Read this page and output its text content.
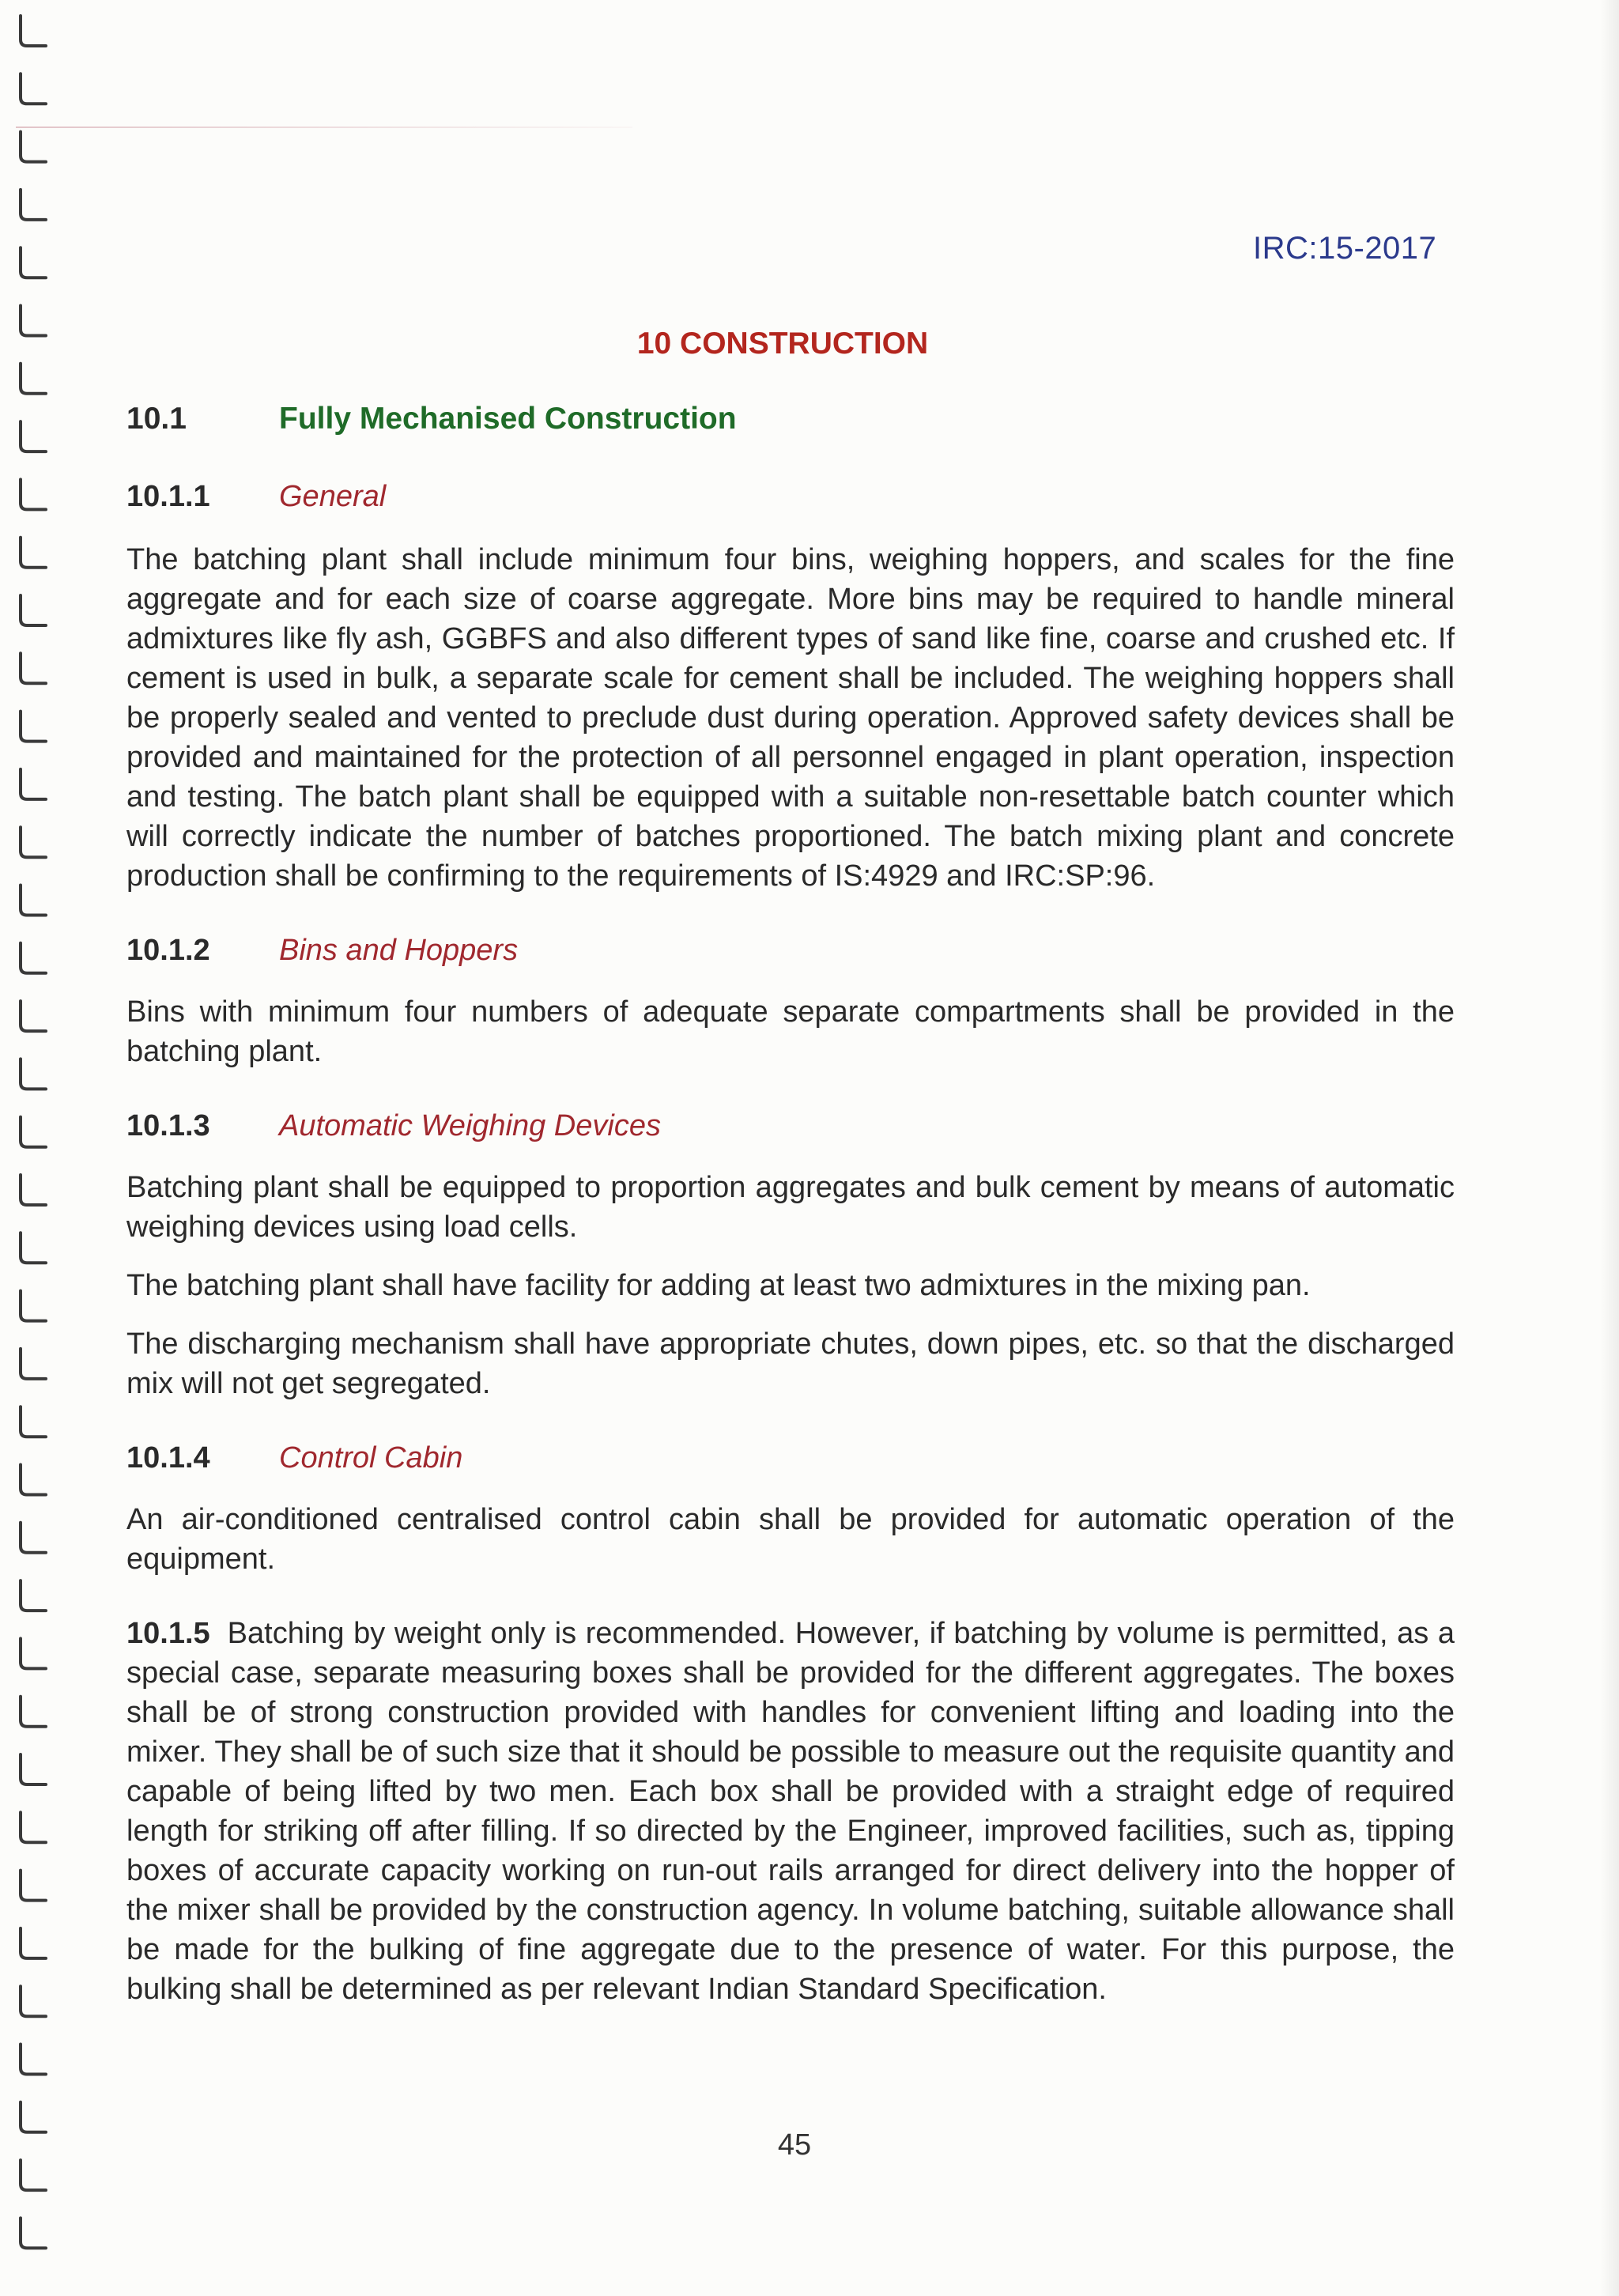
IRC:15-2017
10 CONSTRUCTION
10.1	Fully Mechanised Construction
10.1.1	General

The batching plant shall include minimum four bins, weighing hoppers, and scales for the fine aggregate and for each size of coarse aggregate. More bins may be required to handle mineral admixtures like fly ash, GGBFS and also different types of sand like fine, coarse and crushed etc. If cement is used in bulk, a separate scale for cement shall be included. The weighing hoppers shall be properly sealed and vented to preclude dust during operation. Approved safety devices shall be provided and maintained for the protection of all personnel engaged in plant operation, inspection and testing. The batch plant shall be equipped with a suitable non-resettable batch counter which will correctly indicate the number of batches proportioned. The batch mixing plant and concrete production shall be confirming to the requirements of IS:4929 and IRC:SP:96.

10.1.2	Bins and Hoppers

Bins with minimum four numbers of adequate separate compartments shall be provided in the batching plant.

10.1.3	Automatic Weighing Devices

Batching plant shall be equipped to proportion aggregates and bulk cement by means of automatic weighing devices using load cells.

The batching plant shall have facility for adding at least two admixtures in the mixing pan.

The discharging mechanism shall have appropriate chutes, down pipes, etc. so that the discharged mix will not get segregated.

10.1.4	Control Cabin

An air-conditioned centralised control cabin shall be provided for automatic operation of the equipment.

10.1.5 Batching by weight only is recommended. However, if batching by volume is permitted, as a special case, separate measuring boxes shall be provided for the different aggregates. The boxes shall be of strong construction provided with handles for convenient lifting and loading into the mixer. They shall be of such size that it should be possible to measure out the requisite quantity and capable of being lifted by two men. Each box shall be provided with a straight edge of required length for striking off after filling. If so directed by the Engineer, improved facilities, such as, tipping boxes of accurate capacity working on run-out rails arranged for direct delivery into the hopper of the mixer shall be provided by the construction agency. In volume batching, suitable allowance shall be made for the bulking of fine aggregate due to the presence of water. For this purpose, the bulking shall be determined as per relevant Indian Standard Specification.

45
